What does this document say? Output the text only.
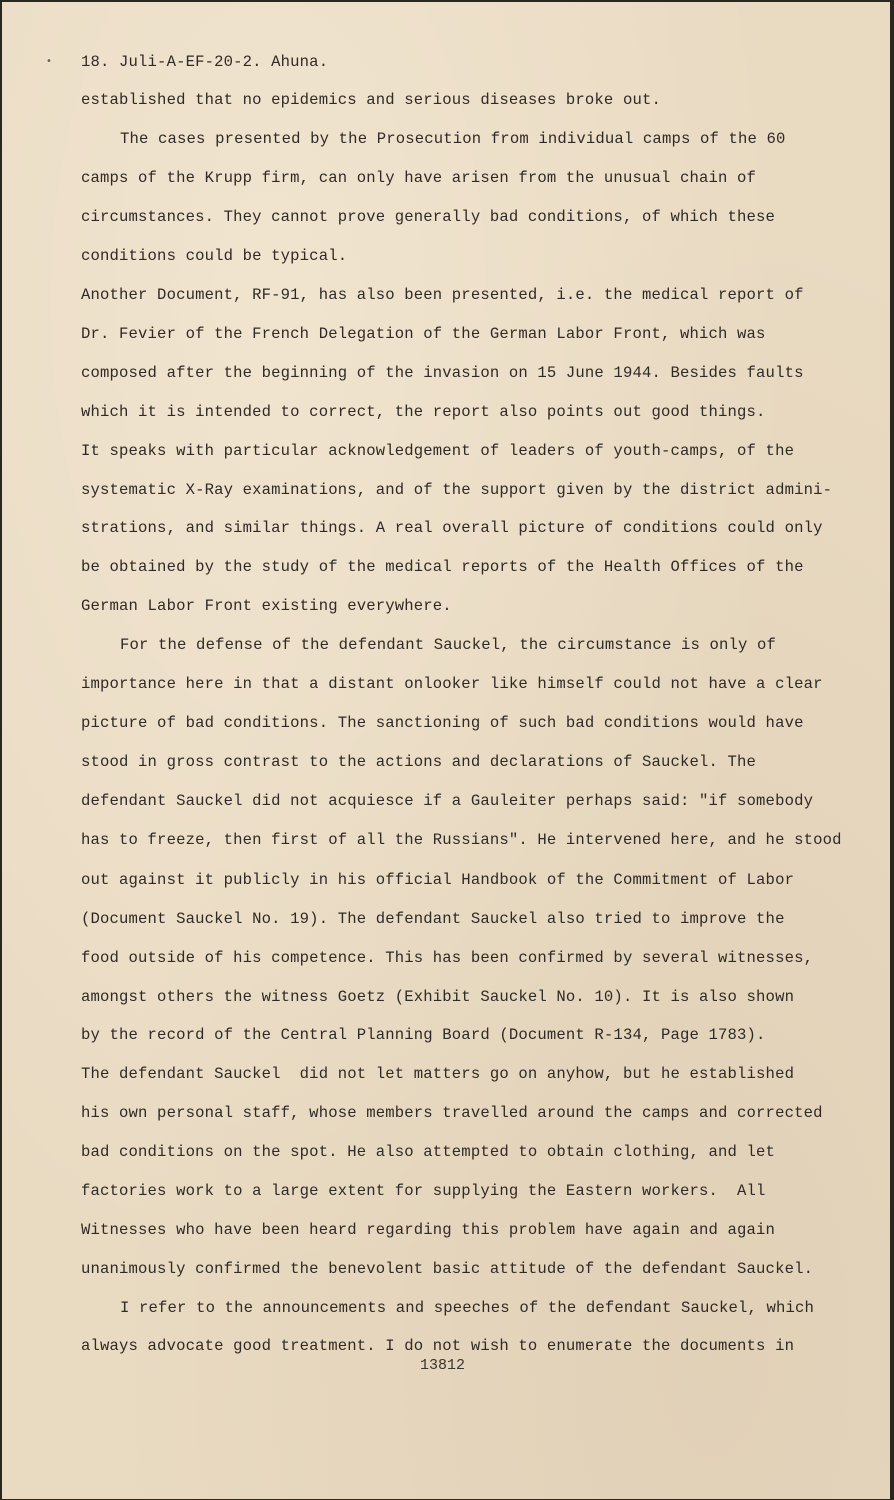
• 18. Juli-A-EF-20-2. Ahuna.
established that no epidemics and serious diseases broke out.
The cases presented by the Prosecution from individual camps of the 60
camps of the Krupp firm, can only have arisen from the unusual chain of
circumstances. They cannot prove generally bad conditions, of which these
conditions could be typical.
Another Document, RF-91, has also been presented, i.e. the medical report of
Dr. Fevier of the French Delegation of the German Labor Front, which was
composed after the beginning of the invasion on 15 June 1944. Besides faults
which it is intended to correct, the report also points out good things.
It speaks with particular acknowledgement of leaders of youth-camps, of the
systematic X-Ray examinations, and of the support given by the district admini-
strations, and similar things. A real overall picture of conditions could only
be obtained by the study of the medical reports of the Health Offices of the
German Labor Front existing everywhere.
For the defense of the defendant Sauckel, the circumstance is only of
importance here in that a distant onlooker like himself could not have a clear
picture of bad conditions. The sanctioning of such bad conditions would have
stood in gross contrast to the actions and declarations of Sauckel. The
defendant Sauckel did not acquiesce if a Gauleiter perhaps said: "if somebody
has to freeze, then first of all the Russians". He intervened here, and he stood
out against it publicly in his official Handbook of the Commitment of Labor
(Document Sauckel No. 19). The defendant Sauckel also tried to improve the
food outside of his competence. This has been confirmed by several witnesses,
amongst others the witness Goetz (Exhibit Sauckel No. 10). It is also shown
by the record of the Central Planning Board (Document R-134, Page 1783).
The defendant Sauckel  did not let matters go on anyhow, but he established
his own personal staff, whose members travelled around the camps and corrected
bad conditions on the spot. He also attempted to obtain clothing, and let
factories work to a large extent for supplying the Eastern workers.  All
Witnesses who have been heard regarding this problem have again and again
unanimously confirmed the benevolent basic attitude of the defendant Sauckel.
I refer to the announcements and speeches of the defendant Sauckel, which
always advocate good treatment. I do not wish to enumerate the documents in
13812
